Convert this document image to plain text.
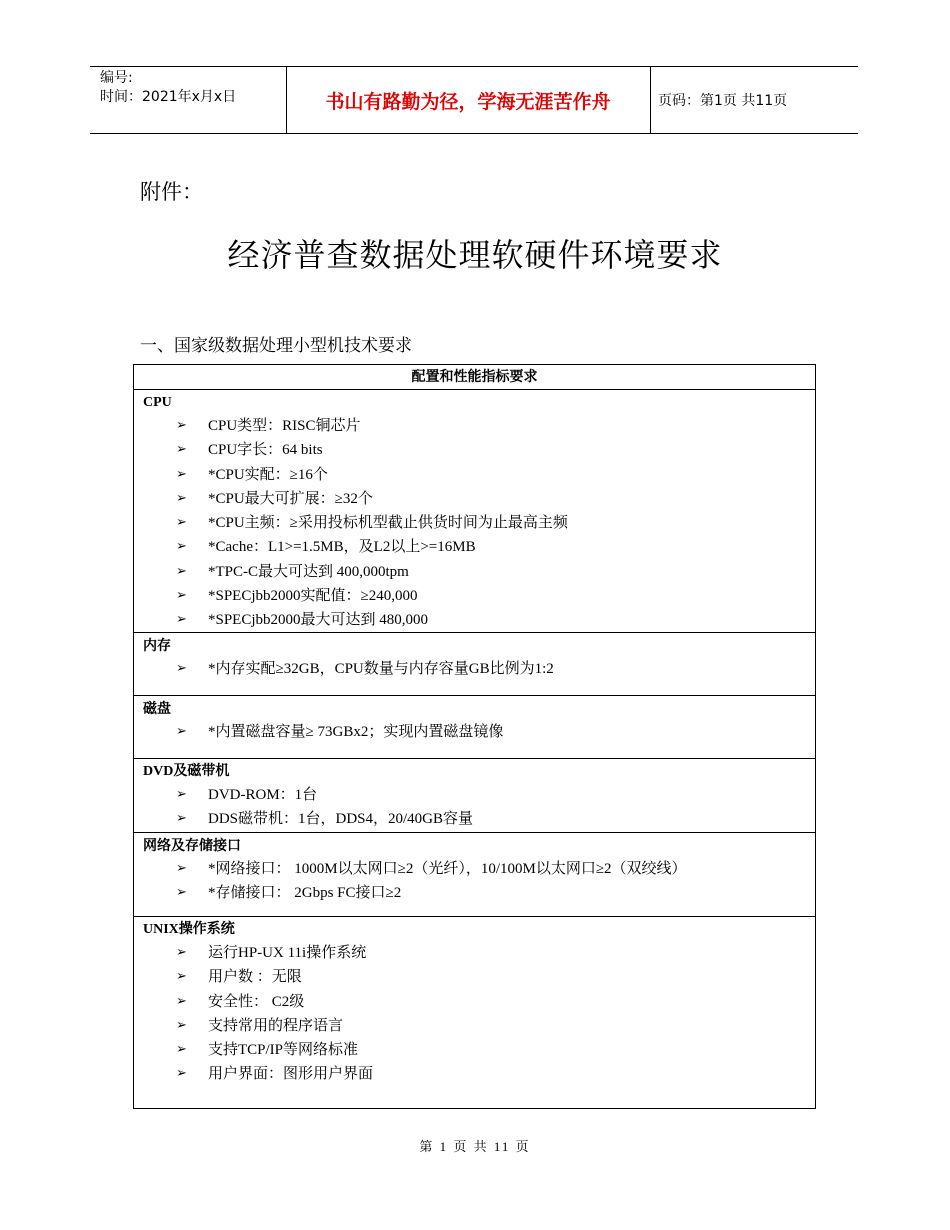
编号:
时间：2021年x月x日	书山有路勤为径，学海无涯苦作舟	页码：第1页 共11页
附件：
经济普查数据处理软硬件环境要求
一、国家级数据处理小型机技术要求
配置和性能指标要求
CPU
➢ CPU类型：RISC铜芯片
➢ CPU字长：64 bits
➢ *CPU实配：≥16个
➢ *CPU最大可扩展：≥32个
➢ *CPU主频：≥采用投标机型截止供货时间为止最高主频
➢ *Cache：L1>=1.5MB，及L2以上>=16MB
➢ *TPC-C最大可达到 400,000tpm
➢ *SPECjbb2000实配值：≥240,000
➢ *SPECjbb2000最大可达到 480,000
内存
➢ *内存实配≥32GB，CPU数量与内存容量GB比例为1:2
磁盘
➢ *内置磁盘容量≥ 73GBx2；实现内置磁盘镜像
DVD及磁带机
➢ DVD-ROM：1台
➢ DDS磁带机：1台，DDS4，20/40GB容量
网络及存储接口
➢ *网络接口： 1000M以太网口≥2（光纤），10/100M以太网口≥2（双绞线）
➢ *存储接口： 2Gbps FC接口≥2
UNIX操作系统
➢ 运行HP-UX 11i操作系统
➢ 用户数 ：无限
➢ 安全性： C2级
➢ 支持常用的程序语言
➢ 支持TCP/IP等网络标准
➢ 用户界面：图形用户界面
第 1 页 共 11 页
